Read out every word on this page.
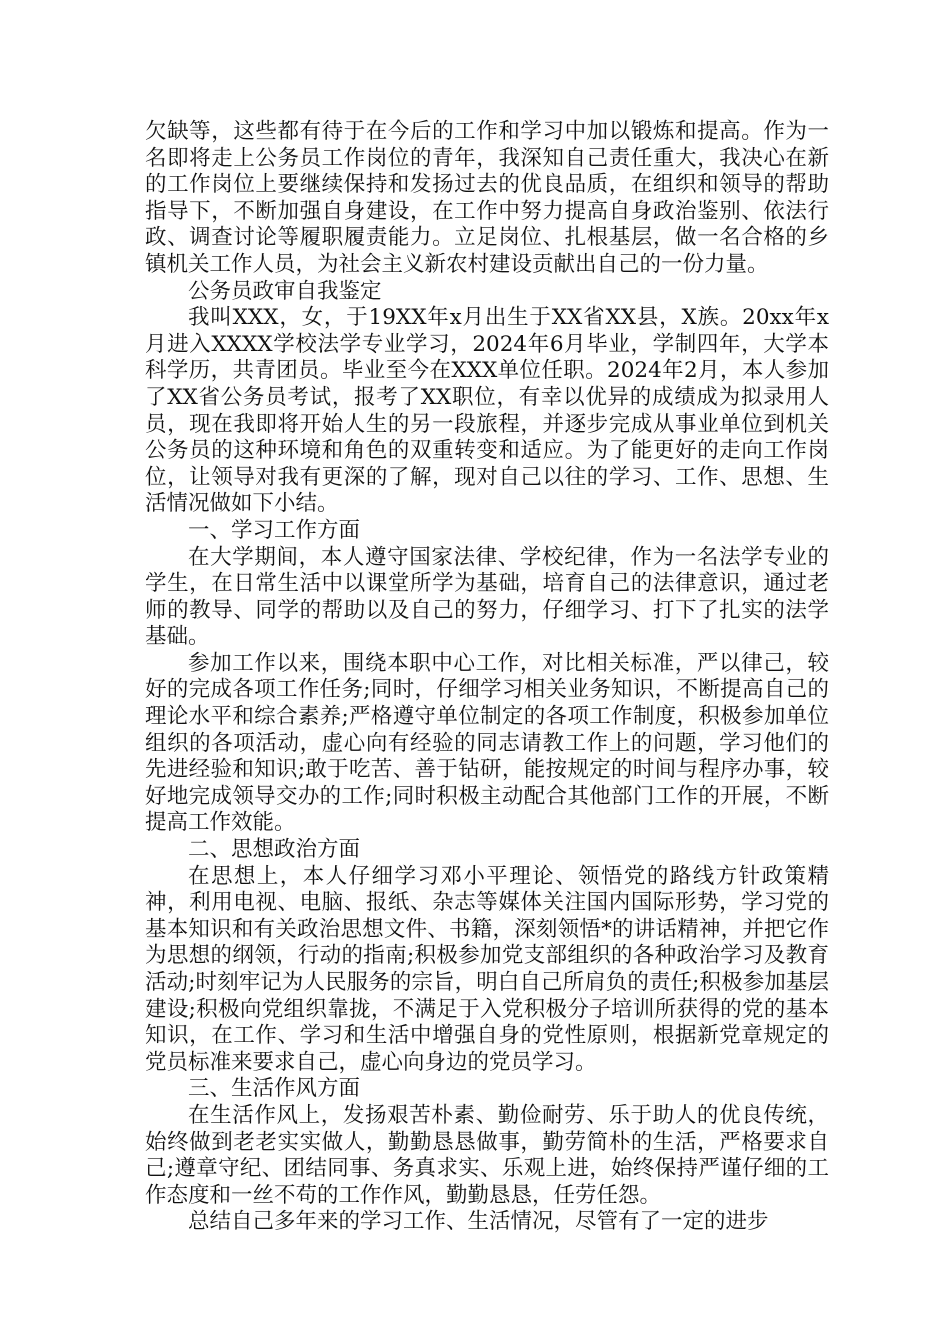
欠缺等，这些都有待于在今后的工作和学习中加以锻炼和提高。作为一名即将走上公务员工作岗位的青年，我深知自己责任重大，我决心在新的工作岗位上要继续保持和发扬过去的优良品质，在组织和领导的帮助指导下，不断加强自身建设，在工作中努力提高自身政治鉴别、依法行政、调查讨论等履职履责能力。立足岗位、扎根基层，做一名合格的乡镇机关工作人员，为社会主义新农村建设贡献出自己的一份力量。

公务员政审自我鉴定

我叫XXX，女，于19XX年x月出生于XX省XX县，X族。20xx年x月进入XXXX学校法学专业学习，2024年6月毕业，学制四年，大学本科学历，共青团员。毕业至今在XXX单位任职。2024年2月，本人参加了XX省公务员考试，报考了XX职位，有幸以优异的成绩成为拟录用人员，现在我即将开始人生的另一段旅程，并逐步完成从事业单位到机关公务员的这种环境和角色的双重转变和适应。为了能更好的走向工作岗位，让领导对我有更深的了解，现对自己以往的学习、工作、思想、生活情况做如下小结。

一、学习工作方面

在大学期间，本人遵守国家法律、学校纪律，作为一名法学专业的学生，在日常生活中以课堂所学为基础，培育自己的法律意识，通过老师的教导、同学的帮助以及自己的努力，仔细学习、打下了扎实的法学基础。

参加工作以来，围绕本职中心工作，对比相关标准，严以律己，较好的完成各项工作任务;同时，仔细学习相关业务知识，不断提高自己的理论水平和综合素养;严格遵守单位制定的各项工作制度，积极参加单位组织的各项活动，虚心向有经验的同志请教工作上的问题，学习他们的先进经验和知识;敢于吃苦、善于钻研，能按规定的时间与程序办事，较好地完成领导交办的工作;同时积极主动配合其他部门工作的开展，不断提高工作效能。

二、思想政治方面

在思想上，本人仔细学习邓小平理论、领悟党的路线方针政策精神，利用电视、电脑、报纸、杂志等媒体关注国内国际形势，学习党的基本知识和有关政治思想文件、书籍，深刻领悟*的讲话精神，并把它作为思想的纲领，行动的指南;积极参加党支部组织的各种政治学习及教育活动;时刻牢记为人民服务的宗旨，明白自己所肩负的责任;积极参加基层建设;积极向党组织靠拢，不满足于入党积极分子培训所获得的党的基本知识，在工作、学习和生活中增强自身的党性原则，根据新党章规定的党员标准来要求自己，虚心向身边的党员学习。

三、生活作风方面

在生活作风上，发扬艰苦朴素、勤俭耐劳、乐于助人的优良传统，始终做到老老实实做人，勤勤恳恳做事，勤劳简朴的生活，严格要求自己;遵章守纪、团结同事、务真求实、乐观上进，始终保持严谨仔细的工作态度和一丝不苟的工作作风，勤勤恳恳，任劳任怨。

总结自己多年来的学习工作、生活情况，尽管有了一定的进步
